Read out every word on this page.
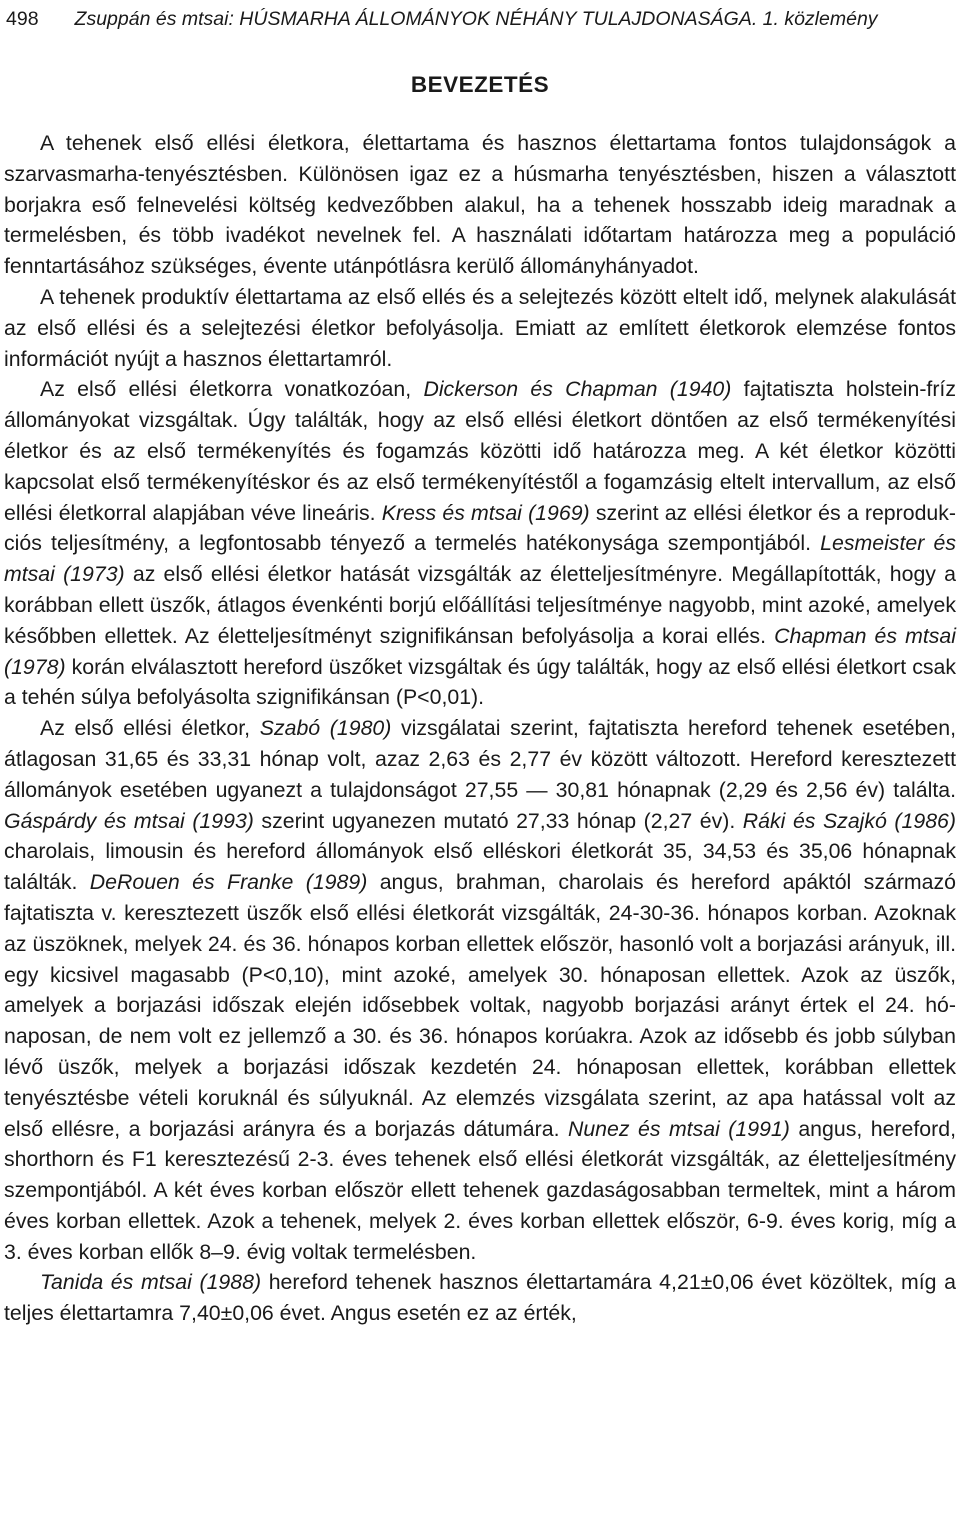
498 Zsuppán és mtsai: HÚSMARHA ÁLLOMÁNYOK NÉHÁNY TULAJDONASÁGA. 1. közlemény
BEVEZETÉS

A tehenek első ellési életkora, élettartama és hasznos élettartama fontos tulajdonságok a szarvasmarha-tenyésztésben. Különösen igaz ez a húsmarha tenyésztésben, hiszen a választott borjakra eső felnevelési költség kedvezőbben alakul, ha a tehenek hosszabb ideig maradnak a termelésben, és több ivadékot nevelnek fel. A használati időtartam határozza meg a populáció fenntartásához szükséges, évente utánpótlásra kerülő állományhányadot.

A tehenek produktív élettartama az első ellés és a selejtezés között eltelt idő, melynek alakulását az első ellési és a selejtezési életkor befolyásolja. Emiatt az említett életkorok elemzése fontos információt nyújt a hasznos élettartamról.

Az első ellési életkorra vonatkozóan, Dickerson és Chapman (1940) fajtatiszta holstein-fríz állományokat vizsgáltak. Úgy találták, hogy az első ellési életkort döntően az első termékenyítési életkor és az első termékenyítés és fogamzás közötti idő határozza meg. A két életkor közötti kapcsolat első termékenyítéskor és az első termékenyítéstől a fogamzásig eltelt intervallum, az első ellési életkorral alapjában véve lineáris. Kress és mtsai (1969) szerint az ellési életkor és a reprodukciós teljesítmény, a legfontosabb tényező a termelés hatékonysága szempontjából. Lesmeister és mtsai (1973) az első ellési életkor hatását vizsgálták az életteljesítményre. Megállapították, hogy a korábban ellett üszők, átlagos évenkénti borjú előállítási teljesítménye nagyobb, mint azoké, amelyek későbben ellettek. Az életteljesítményt szignifikánsan befolyásolja a korai ellés. Chapman és mtsai (1978) korán elválasztott hereford üszőket vizsgáltak és úgy találták, hogy az első ellési életkort csak a tehén súlya befolyásolta szignifikánsan (P<0,01).

Az első ellési életkor, Szabó (1980) vizsgálatai szerint, fajtatiszta hereford tehenek esetében, átlagosan 31,65 és 33,31 hónap volt, azaz 2,63 és 2,77 év között változott. Hereford keresztezett állományok esetében ugyanezt a tulajdonságot 27,55 — 30,81 hónapnak (2,29 és 2,56 év) találta. Gáspárdy és mtsai (1993) szerint ugyanezen mutató 27,33 hónap (2,27 év). Ráki és Szajkó (1986) charolais, limousin és hereford állományok első elléskori életkorát 35, 34,53 és 35,06 hónapnak találták. DeRouen és Franke (1989) angus, brahman, charolais és hereford apáktól származó fajtatiszta v. keresztezett üszők első ellési életkorát vizsgálták, 24-30-36. hónapos korban. Azoknak az üszöknek, melyek 24. és 36. hónapos korban ellettek először, hasonló volt a borjazási arányuk, ill. egy kicsivel magasabb (P<0,10), mint azoké, amelyek 30. hónaposan ellettek. Azok az üszők, amelyek a borjazási időszak elején idősebbek voltak, nagyobb borjazási arányt értek el 24. hónaposan, de nem volt ez jellemző a 30. és 36. hónapos korúakra. Azok az idősebb és jobb súlyban lévő üszők, melyek a borjazási időszak kezdetén 24. hónaposan ellettek, korábban ellettek tenyésztésbe vételi koruknál és súlyuknál. Az elemzés vizsgálata szerint, az apa hatással volt az első ellésre, a borjazási arányra és a borjazás dátumára. Nunez és mtsai (1991) angus, hereford, shorthorn és F1 keresztezésű 2-3. éves tehenek első ellési életkorát vizsgálták, az életteljesítmény szempontjából. A két éves korban először ellett tehenek gazdaságosabban termeltek, mint a három éves korban ellettek. Azok a tehenek, melyek 2. éves korban ellettek először, 6-9. éves korig, míg a 3. éves korban ellők 8–9. évig voltak termelésben.

Tanida és mtsai (1988) hereford tehenek hasznos élettartamára 4,21±0,06 évet közöltek, míg a teljes élettartamra 7,40±0,06 évet. Angus esetén ez az érték,
